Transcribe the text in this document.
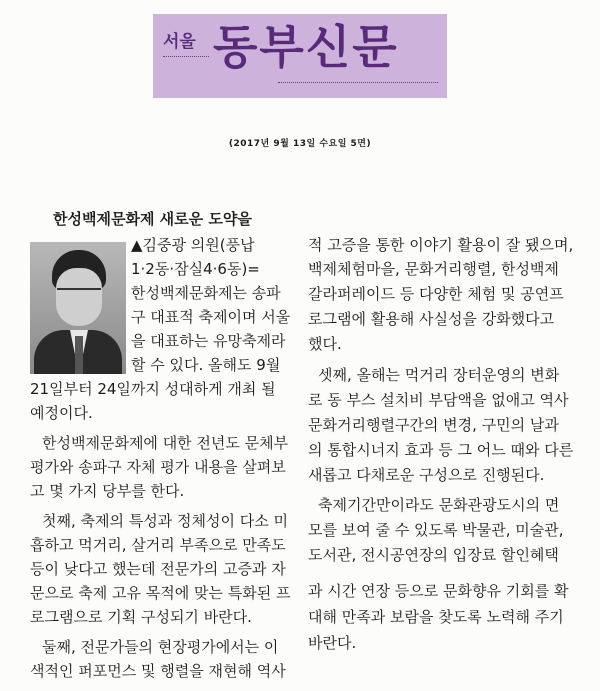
서울 동부신문
(2017년 9월 13일 수요일 5면)
한성백제문화제 새로운 도약을
▲김중광 의원(풍납
1·2동·잠실4·6동)=
한성백제문화제는 송파
구 대표적 축제이며 서울
을 대표하는 유망축제라
할 수 있다. 올해도 9월
21일부터 24일까지 성대하게 개최 될
예정이다.
한성백제문화제에 대한 전년도 문체부
평가와 송파구 자체 평가 내용을 살펴보
고 몇 가지 당부를 한다.
첫째, 축제의 특성과 정체성이 다소 미
흡하고 먹거리, 살거리 부족으로 만족도
등이 낮다고 했는데 전문가의 고증과 자
문으로 축제 고유 목적에 맞는 특화된 프
로그램으로 기획 구성되기 바란다.
둘째, 전문가들의 현장평가에서는 이
색적인 퍼포먼스 및 행렬을 재현해 역사
적 고증을 통한 이야기 활용이 잘 됐으며,
백제체험마을, 문화거리행렬, 한성백제
갈라퍼레이드 등 다양한 체험 및 공연프
로그램에 활용해 사실성을 강화했다고
했다.
셋째, 올해는 먹거리 장터운영의 변화
로 동 부스 설치비 부담액을 없애고 역사
문화거리행렬구간의 변경, 구민의 날과
의 통합시너지 효과 등 그 어느 때와 다른
새롭고 다채로운 구성으로 진행된다.
축제기간만이라도 문화관광도시의 면
모를 보여 줄 수 있도록 박물관, 미술관,
도서관, 전시공연장의 입장료 할인혜택
과 시간 연장 등으로 문화향유 기회를 확
대해 만족과 보람을 찾도록 노력해 주기
바란다.
